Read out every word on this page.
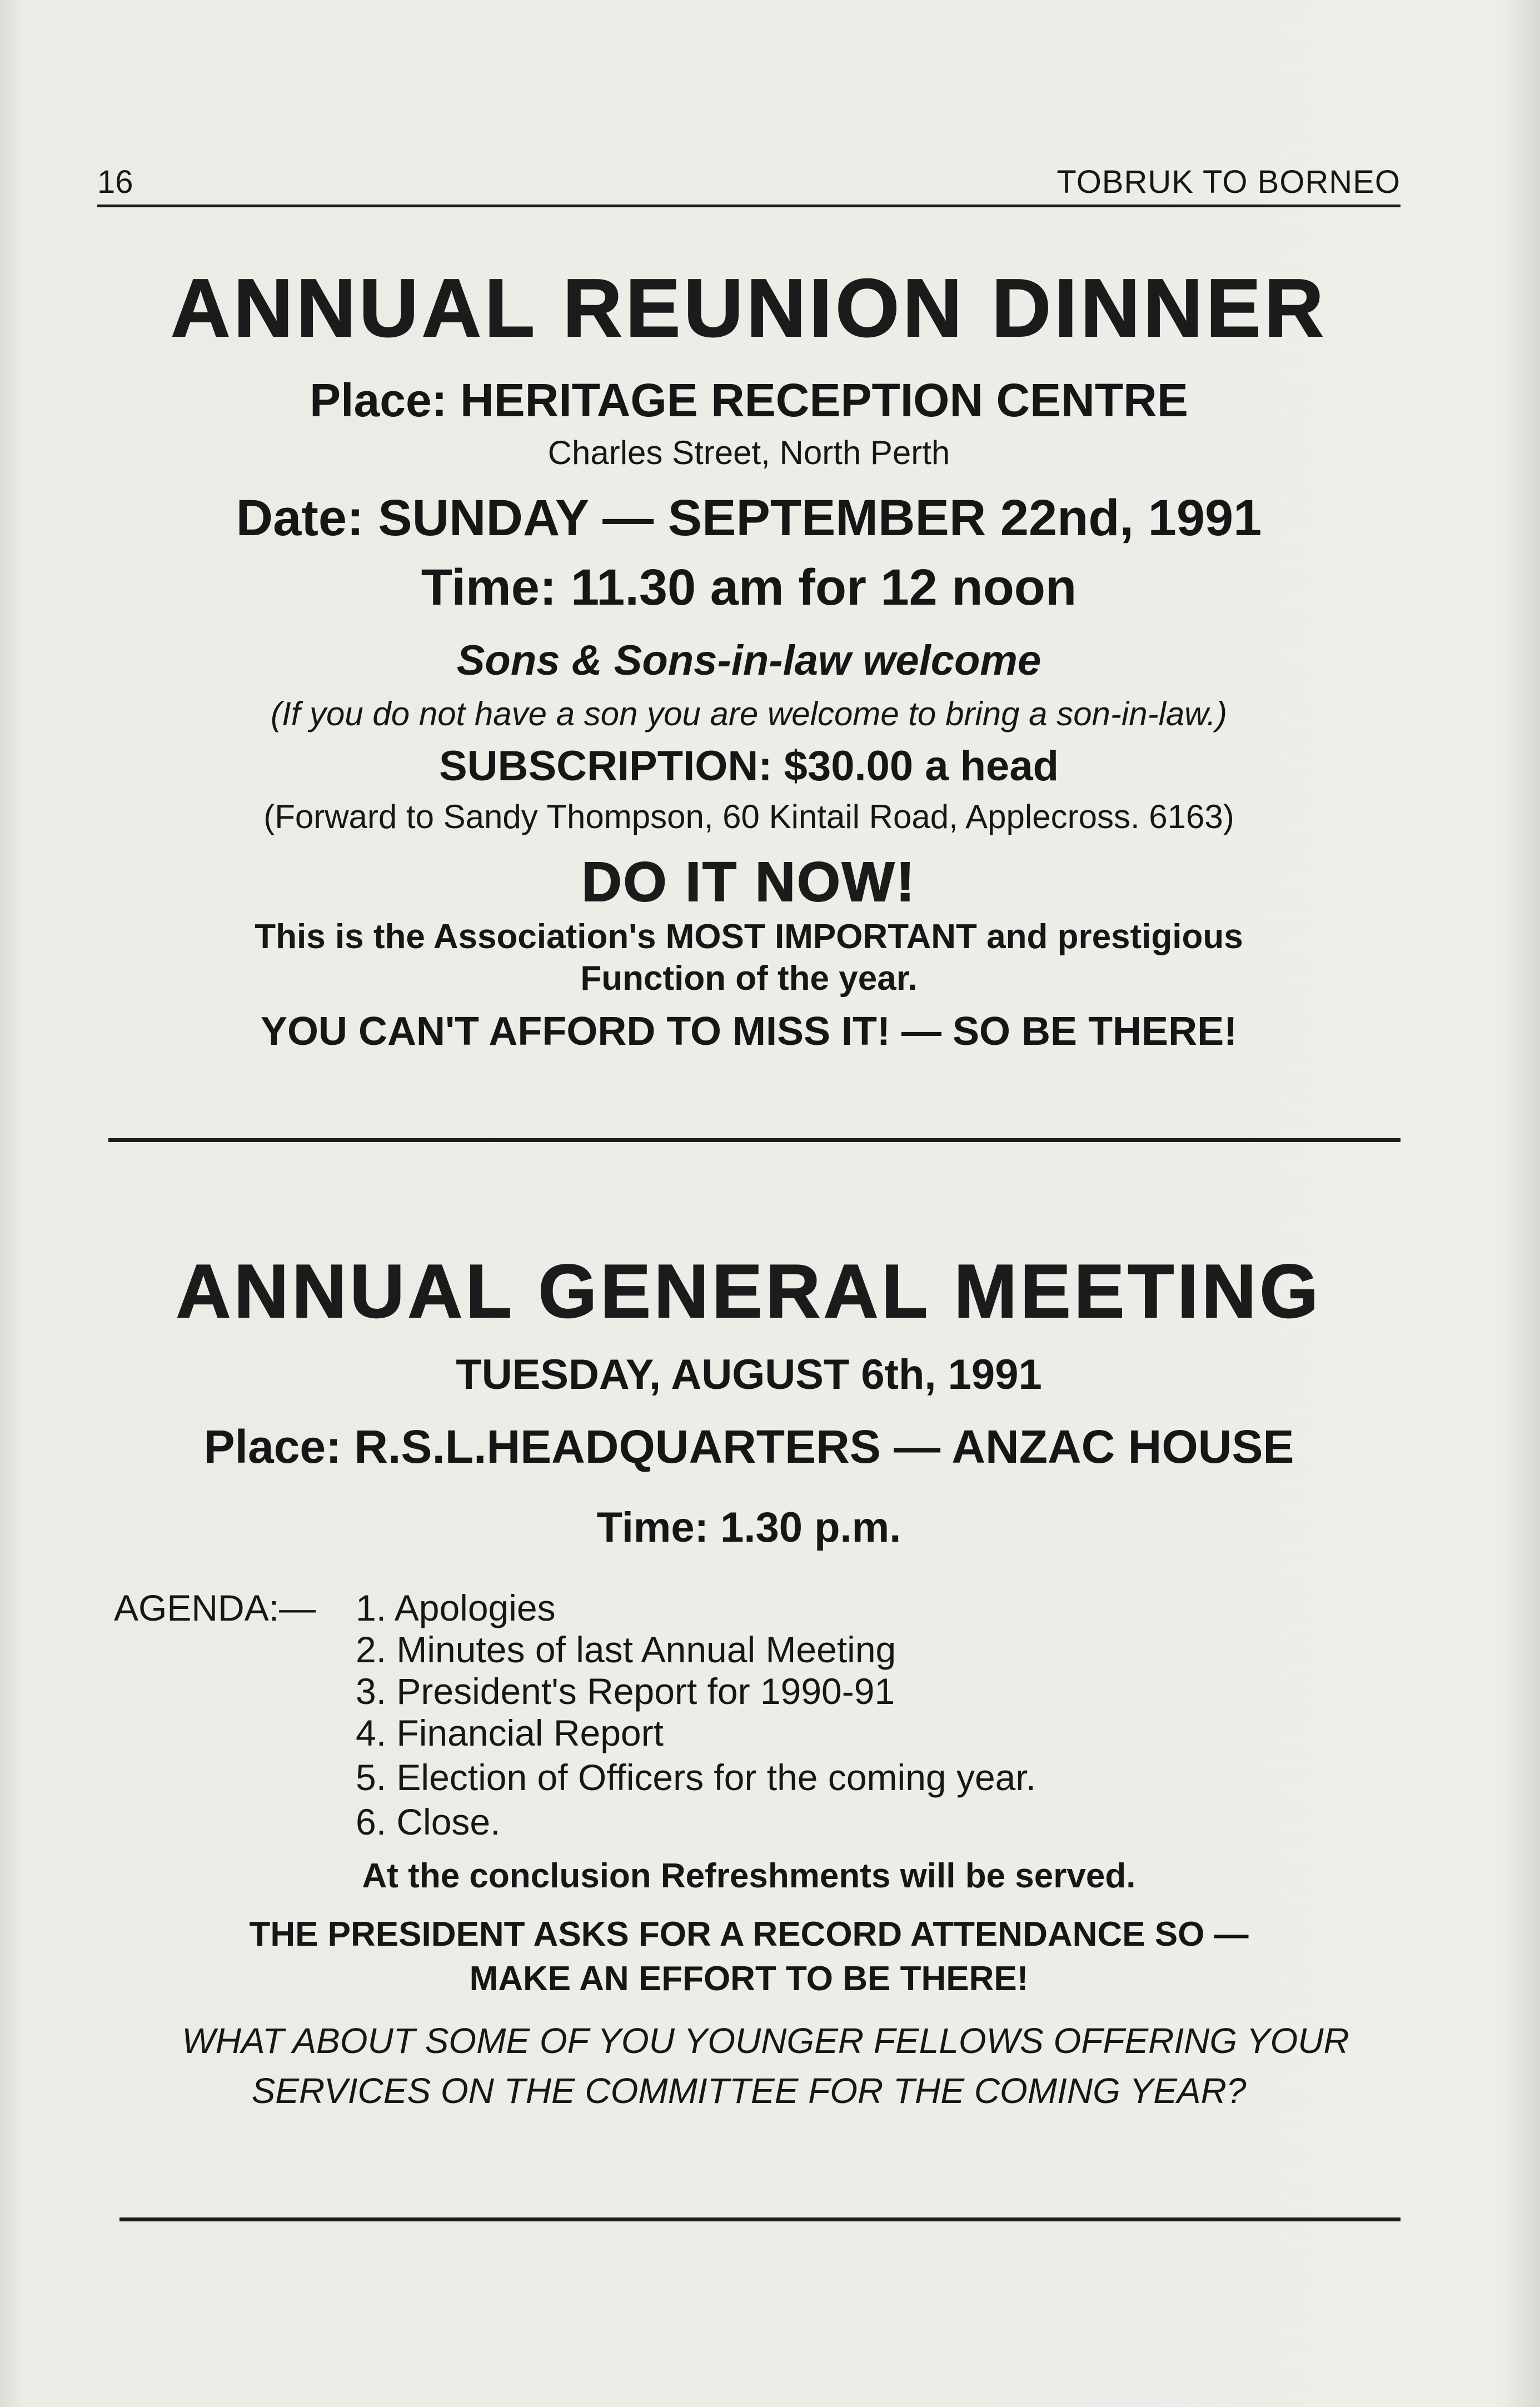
16	TOBRUK TO BORNEO
ANNUAL REUNION DINNER
Place: HERITAGE RECEPTION CENTRE
Charles Street, North Perth
Date: SUNDAY — SEPTEMBER 22nd, 1991
Time: 11.30 am for 12 noon
Sons & Sons-in-law welcome
(If you do not have a son you are welcome to bring a son-in-law.)
SUBSCRIPTION: $30.00 a head
(Forward to Sandy Thompson, 60 Kintail Road, Applecross. 6163)
DO IT NOW!
This is the Association's MOST IMPORTANT and prestigious
Function of the year.
YOU CAN'T AFFORD TO MISS IT! — SO BE THERE!
ANNUAL GENERAL MEETING
TUESDAY, AUGUST 6th, 1991
Place: R.S.L.HEADQUARTERS — ANZAC HOUSE
Time: 1.30 p.m.
AGENDA:— 1. Apologies
2. Minutes of last Annual Meeting
3. President's Report for 1990-91
4. Financial Report
5. Election of Officers for the coming year.
6. Close.
At the conclusion Refreshments will be served.
THE PRESIDENT ASKS FOR A RECORD ATTENDANCE SO —
MAKE AN EFFORT TO BE THERE!
WHAT ABOUT SOME OF YOU YOUNGER FELLOWS OFFERING YOUR
SERVICES ON THE COMMITTEE FOR THE COMING YEAR?
